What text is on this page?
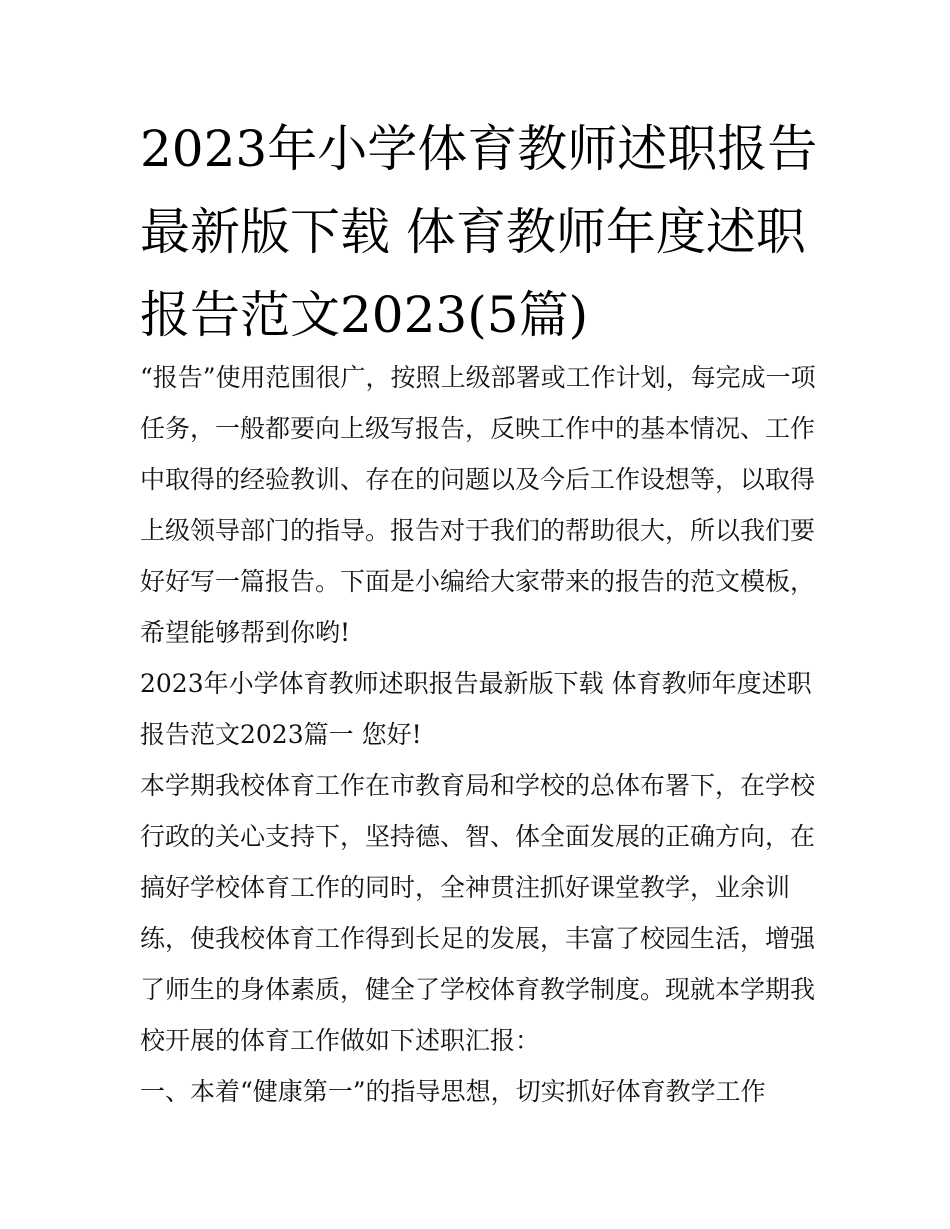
2023年小学体育教师述职报告
最新版下载 体育教师年度述职
报告范文2023(5篇)
“报告”使用范围很广，按照上级部署或工作计划，每完成一项
任务，一般都要向上级写报告，反映工作中的基本情况、工作
中取得的经验教训、存在的问题以及今后工作设想等，以取得
上级领导部门的指导。报告对于我们的帮助很大，所以我们要
好好写一篇报告。下面是小编给大家带来的报告的范文模板，
希望能够帮到你哟!
2023年小学体育教师述职报告最新版下载 体育教师年度述职
报告范文2023篇一 您好!
本学期我校体育工作在市教育局和学校的总体布署下，在学校
行政的关心支持下，坚持德、智、体全面发展的正确方向，在
搞好学校体育工作的同时，全神贯注抓好课堂教学，业余训
练，使我校体育工作得到长足的发展，丰富了校园生活，增强
了师生的身体素质，健全了学校体育教学制度。现就本学期我
校开展的体育工作做如下述职汇报：
一、本着“健康第一”的指导思想，切实抓好体育教学工作
